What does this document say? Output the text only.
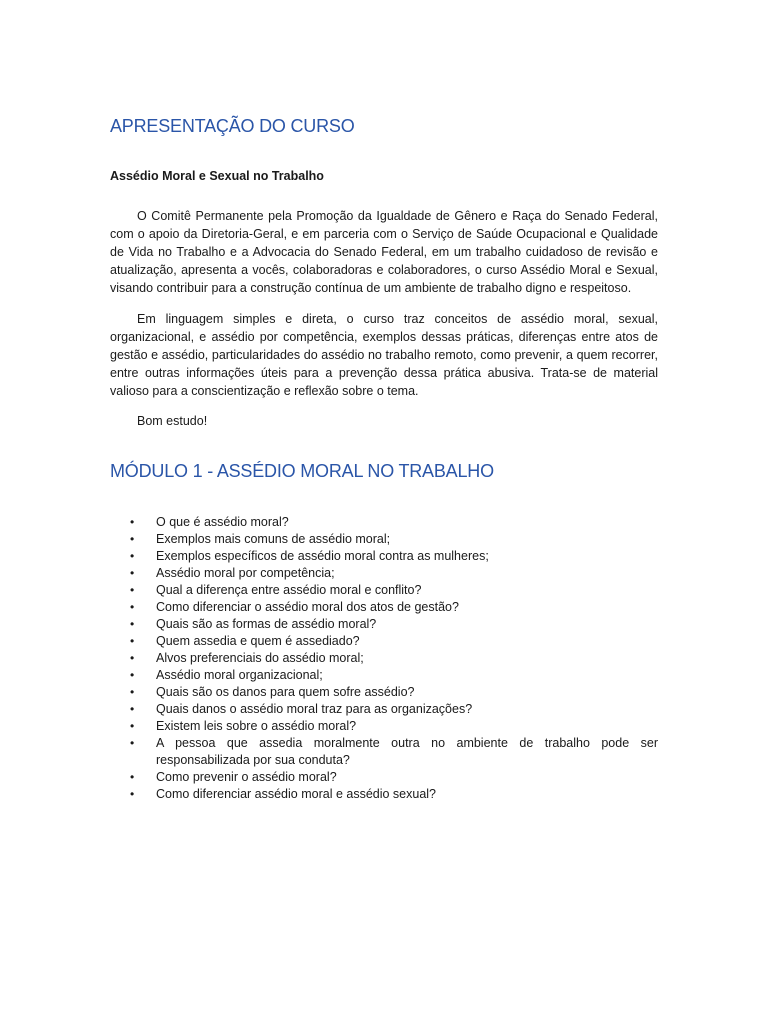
APRESENTAÇÃO DO CURSO

Assédio Moral e Sexual no Trabalho

O Comitê Permanente pela Promoção da Igualdade de Gênero e Raça do Senado Federal, com o apoio da Diretoria-Geral, e em parceria com o Serviço de Saúde Ocupacional e Qualidade de Vida no Trabalho e a Advocacia do Senado Federal, em um trabalho cuidadoso de revisão e atualização, apresenta a vocês, colaboradoras e colaboradores, o curso Assédio Moral e Sexual, visando contribuir para a construção contínua de um ambiente de trabalho digno e respeitoso.

Em linguagem simples e direta, o curso traz conceitos de assédio moral, sexual, organizacional, e assédio por competência, exemplos dessas práticas, diferenças entre atos de gestão e assédio, particularidades do assédio no trabalho remoto, como prevenir, a quem recorrer, entre outras informações úteis para a prevenção dessa prática abusiva. Trata-se de material valioso para a conscientização e reflexão sobre o tema.

Bom estudo!

MÓDULO 1 - ASSÉDIO MORAL NO TRABALHO
• O que é assédio moral?
• Exemplos mais comuns de assédio moral;
• Exemplos específicos de assédio moral contra as mulheres;
• Assédio moral por competência;
• Qual a diferença entre assédio moral e conflito?
• Como diferenciar o assédio moral dos atos de gestão?
• Quais são as formas de assédio moral?
• Quem assedia e quem é assediado?
• Alvos preferenciais do assédio moral;
• Assédio moral organizacional;
• Quais são os danos para quem sofre assédio?
• Quais danos o assédio moral traz para as organizações?
• Existem leis sobre o assédio moral?
• A pessoa que assedia moralmente outra no ambiente de trabalho pode ser responsabilizada por sua conduta?
• Como prevenir o assédio moral?
• Como diferenciar assédio moral e assédio sexual?
